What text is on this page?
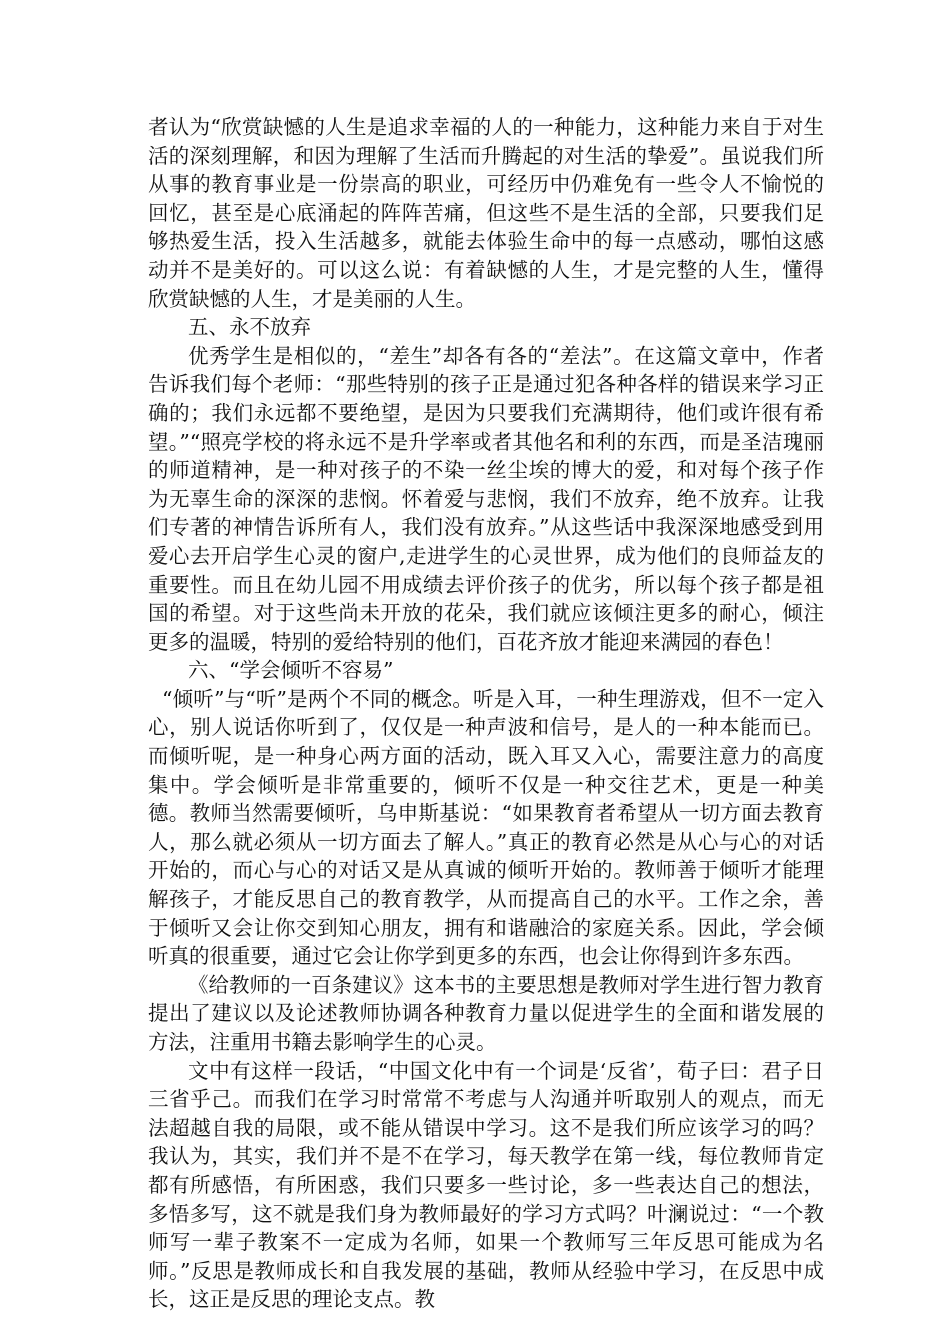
者认为“欣赏缺憾的人生是追求幸福的人的一种能力，这种能力来自于对生活的深刻理解，和因为理解了生活而升腾起的对生活的挚爱”。虽说我们所从事的教育事业是一份崇高的职业，可经历中仍难免有一些令人不愉悦的回忆，甚至是心底涌起的阵阵苦痛，但这些不是生活的全部，只要我们足够热爱生活，投入生活越多，就能去体验生命中的每一点感动，哪怕这感动并不是美好的。可以这么说：有着缺憾的人生，才是完整的人生，懂得欣赏缺憾的人生，才是美丽的人生。

五、永不放弃

优秀学生是相似的，“差生”却各有各的“差法”。在这篇文章中，作者告诉我们每个老师：“那些特别的孩子正是通过犯各种各样的错误来学习正确的；我们永远都不要绝望，是因为只要我们充满期待，他们或许很有希望。”“照亮学校的将永远不是升学率或者其他名和利的东西，而是圣洁瑰丽的师道精神，是一种对孩子的不染一丝尘埃的博大的爱，和对每个孩子作为无辜生命的深深的悲悯。怀着爱与悲悯，我们不放弃，绝不放弃。让我们专著的神情告诉所有人，我们没有放弃。”从这些话中我深深地感受到用爱心去开启学生心灵的窗户,走进学生的心灵世界，成为他们的良师益友的重要性。而且在幼儿园不用成绩去评价孩子的优劣，所以每个孩子都是祖国的希望。对于这些尚未开放的花朵，我们就应该倾注更多的耐心，倾注更多的温暖，特别的爱给特别的他们，百花齐放才能迎来满园的春色！

六、“学会倾听不容易”

“倾听”与“听”是两个不同的概念。听是入耳，一种生理游戏，但不一定入心，别人说话你听到了，仅仅是一种声波和信号，是人的一种本能而已。而倾听呢，是一种身心两方面的活动，既入耳又入心，需要注意力的高度集中。学会倾听是非常重要的，倾听不仅是一种交往艺术，更是一种美德。教师当然需要倾听，乌申斯基说：“如果教育者希望从一切方面去教育人，那么就必须从一切方面去了解人。”真正的教育必然是从心与心的对话开始的，而心与心的对话又是从真诚的倾听开始的。教师善于倾听才能理解孩子，才能反思自己的教育教学，从而提高自己的水平。工作之余，善于倾听又会让你交到知心朋友，拥有和谐融洽的家庭关系。因此，学会倾听真的很重要，通过它会让你学到更多的东西，也会让你得到许多东西。

《给教师的一百条建议》这本书的主要思想是教师对学生进行智力教育提出了建议以及论述教师协调各种教育力量以促进学生的全面和谐发展的方法，注重用书籍去影响学生的心灵。

文中有这样一段话，“中国文化中有一个词是‘反省’，荀子曰：君子日三省乎己。而我们在学习时常常不考虑与人沟通并听取别人的观点，而无法超越自我的局限，或不能从错误中学习。这不是我们所应该学习的吗？我认为，其实，我们并不是不在学习，每天教学在第一线，每位教师肯定都有所感悟，有所困惑，我们只要多一些讨论，多一些表达自己的想法，多悟多写，这不就是我们身为教师最好的学习方式吗？叶澜说过：“一个教师写一辈子教案不一定成为名师，如果一个教师写三年反思可能成为名师。”反思是教师成长和自我发展的基础，教师从经验中学习，在反思中成长，这正是反思的理论支点。教
